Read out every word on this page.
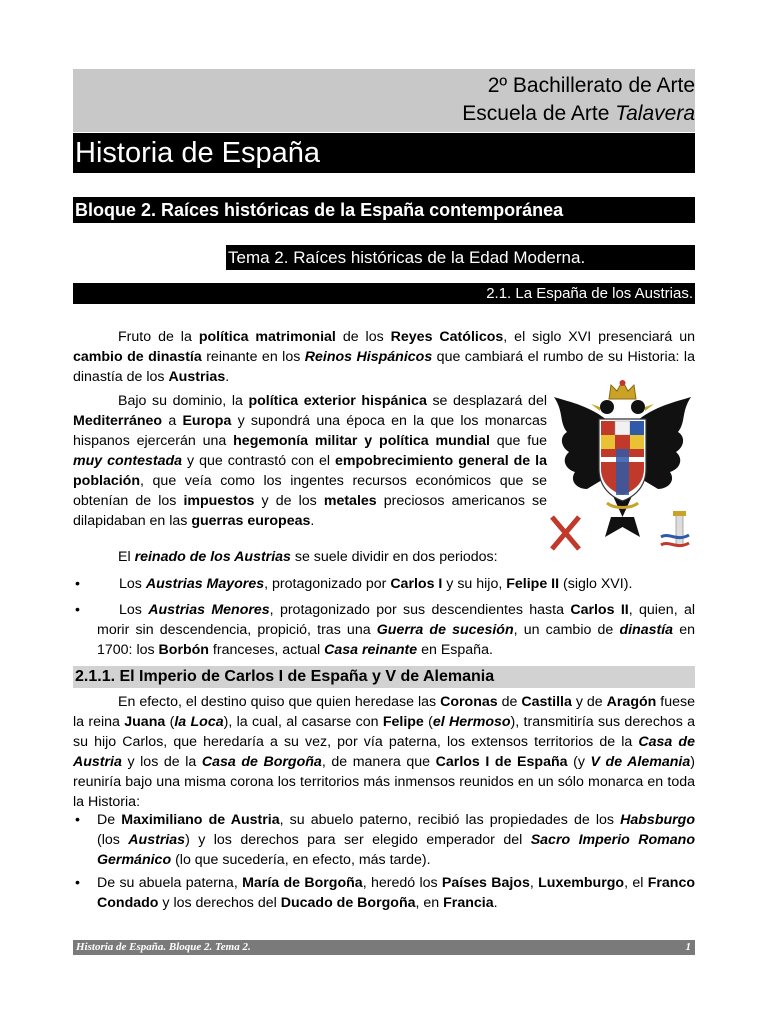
2º Bachillerato de Arte
Escuela de Arte Talavera
Historia de España
Bloque 2. Raíces históricas de la España contemporánea
Tema 2. Raíces históricas de la Edad Moderna.
2.1. La España de los Austrias.
Fruto de la política matrimonial de los Reyes Católicos, el siglo XVI presenciará un cambio de dinastía reinante en los Reinos Hispánicos que cambiará el rumbo de su Historia: la dinastía de los Austrias.
Bajo su dominio, la política exterior hispánica se desplazará del Mediterráneo a Europa y supondrá una época en la que los monarcas hispanos ejercerán una hegemonía militar y política mundial que fue muy contestada y que contrastó con el empobrecimiento general de la población, que veía como los ingentes recursos económicos que se obtenían de los impuestos y de los metales preciosos americanos se dilapidaban en las guerras europeas.
El reinado de los Austrias se suele dividir en dos periodos:
•	Los Austrias Mayores, protagonizado por Carlos I y su hijo, Felipe II (siglo XVI).
•	Los Austrias Menores, protagonizado por sus descendientes hasta Carlos II, quien, al morir sin descendencia, propició, tras una Guerra de sucesión, un cambio de dinastía en 1700: los Borbón franceses, actual Casa reinante en España.
2.1.1. El Imperio de Carlos I de España y V de Alemania
En efecto, el destino quiso que quien heredase las Coronas de Castilla y de Aragón fuese la reina Juana (la Loca), la cual, al casarse con Felipe (el Hermoso), transmitiría sus derechos a su hijo Carlos, que heredaría a su vez, por vía paterna, los extensos territorios de la Casa de Austria y los de la Casa de Borgoña, de manera que Carlos I de España (y V de Alemania) reuniría bajo una misma corona los territorios más inmensos reunidos en un sólo monarca en toda la Historia:
• De Maximiliano de Austria, su abuelo paterno, recibió las propiedades de los Habsburgo (los Austrias) y los derechos para ser elegido emperador del Sacro Imperio Romano Germánico (lo que sucedería, en efecto, más tarde).
• De su abuela paterna, María de Borgoña, heredó los Países Bajos, Luxemburgo, el Franco Condado y los derechos del Ducado de Borgoña, en Francia.
Historia de España. Bloque 2. Tema 2.	1
